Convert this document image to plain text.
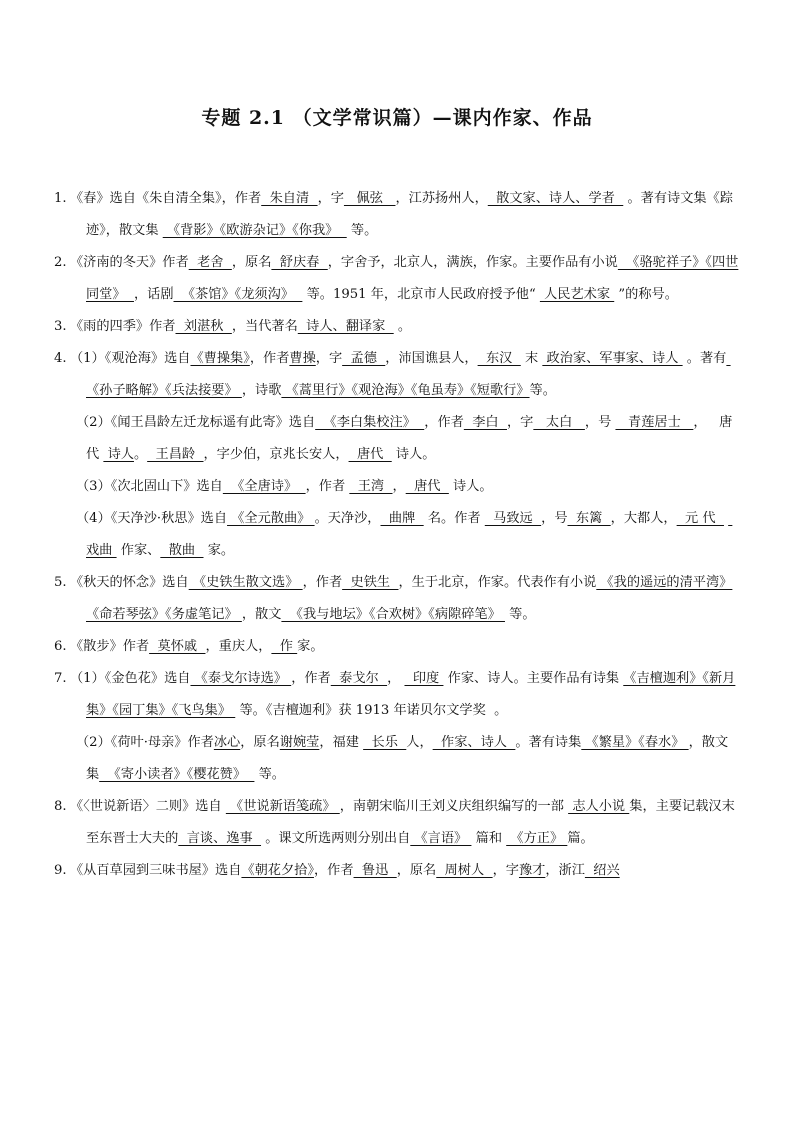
专题 2.1 （文学常识篇）—课内作家、作品
1.《春》选自《朱自清全集》，作者  朱自清  ，字   佩弦   ，江苏扬州人，  散文家、诗人、学者   。著有诗文集《踪迹》，散文集  《背影》《欧游杂记》《你我》   等。
2.《济南的冬天》作者  老舍  ，原名  舒庆春  ，字舍予，北京人，满族，作家。主要作品有小说  《骆驼祥子》《四世同堂》  ，话剧  《茶馆》《龙须沟》   等。1951 年，北京市人民政府授予他“  人民艺术家  ”的称号。
3.《雨的四季》作者  刘湛秋  ，当代著名  诗人、翻译家   。
4.（1）《观沧海》选自《曹操集》，作者曹操，字  孟德  ，沛国谯县人，  东汉   末  政治家、军事家、诗人  。著有 《孙子略解》《兵法接要》 ，诗歌 《蒿里行》《观沧海》《龟虽寿》《短歌行》等。
（2）《闻王昌龄左迁龙标遥有此寄》选自  《李白集校注》  ，作者  李白  ，字   太白   ，号    青莲居士   ，   唐代  诗人。  王昌龄  ，字少伯，京兆长安人，  唐代   诗人。
（3）《次北固山下》选自  《全唐诗》  ，作者   王湾  ，  唐代   诗人。
（4）《天净沙·秋思》选自 《全元散曲》 。天净沙，  曲牌   名。作者   马致远  ，号  东篱  ，大都人，  元 代    戏曲  作家、  散曲   家。
5.《秋天的怀念》选自 《史铁生散文选》 ，作者  史铁生  ，生于北京，作家。代表作有小说 《我的遥远的清平湾》《命若琴弦》《务虚笔记》 ，散文  《我与地坛》《合欢树》《病隙碎笔》  等。
6.《散步》作者  莫怀戚  ，重庆人，  作 家。
7.（1）《金色花》选自 《泰戈尔诗选》 ，作者  泰戈尔  ，   印度  作家、诗人。主要作品有诗集 《吉檀迦利》《新月集》《园丁集》《飞鸟集》  等。《吉檀迦利》获 1913 年诺贝尔文学奖  。
（2）《荷叶·母亲》作者冰心，原名谢婉莹，福建   长乐  人，  作家、诗人  。著有诗集 《繁星》《春水》 ，散文集  《寄小读者》《樱花赞》   等。
8.《〈世说新语〉二则》选自  《世说新语笺疏》 ，南朝宋临川王刘义庆组织编写的一部  志人小说 集，主要记载汉末至东晋士大夫的  言谈、逸事   。课文所选两则分别出自 《言语》  篇和  《方正》 篇。
9.《从百草园到三味书屋》选自《朝花夕拾》，作者  鲁迅  ，原名  周树人  ，字豫才，浙江  绍兴
